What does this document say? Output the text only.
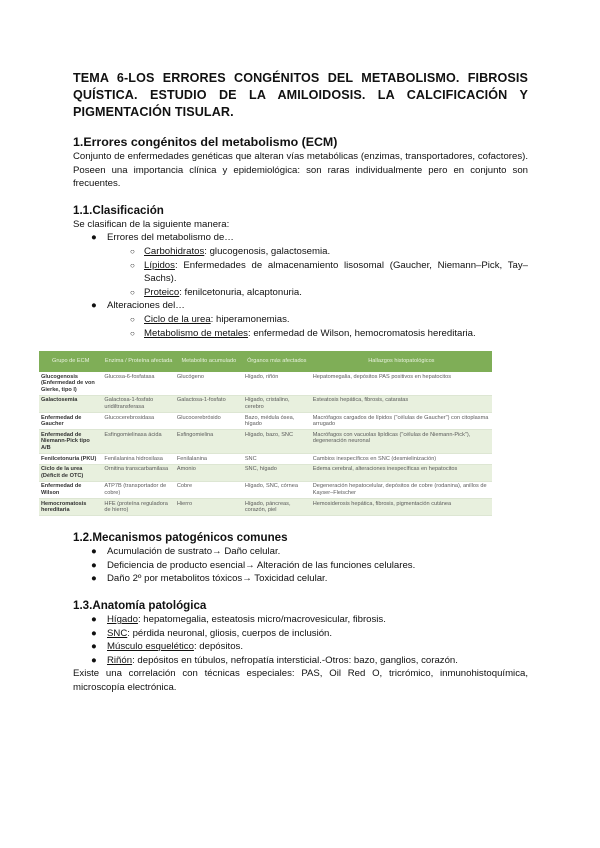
TEMA 6-LOS ERRORES CONGÉNITOS DEL METABOLISMO. FIBROSIS QUÍSTICA. ESTUDIO DE LA AMILOIDOSIS. LA CALCIFICACIÓN Y PIGMENTACIÓN TISULAR.
1.Errores congénitos del metabolismo (ECM)
Conjunto de enfermedades genéticas que alteran vías metabólicas (enzimas, transportadores, cofactores). Poseen una importancia clínica y epidemiológica: son raras individualmente pero en conjunto son frecuentes.
1.1.Clasificación
Se clasifican de la siguiente manera:
● Errores del metabolismo de…
○ Carbohidratos: glucogenosis, galactosemia.
○ Lípidos: Enfermedades de almacenamiento lisosomal (Gaucher, Niemann–Pick, Tay–Sachs).
○ Proteico: fenilcetonuria, alcaptonuria.
● Alteraciones del…
○ Ciclo de la urea: hiperamonemias.
○ Metabolismo de metales: enfermedad de Wilson, hemocromatosis hereditaria.
Grupo de ECM	Enzima / Proteína afectada	Metabolito acumulado	Órganos más afectados	Hallazgos histopatológicos
Glucogenosis (Enfermedad de von Gierke, tipo I)	Glucosa-6-fosfatasa	Glucógeno	Hígado, riñón	Hepatomegalia, depósitos PAS positivos en hepatocitos
Galactosemia	Galactosa-1-fosfato uridiltransferasa	Galactosa-1-fosfato	Hígado, cristalino, cerebro	Esteatosis hepática, fibrosis, cataratas
Enfermedad de Gaucher	Glucocerebrosidasa	Glucocerebrósido	Bazo, médula ósea, hígado	Macrófagos cargados de lípidos ("células de Gaucher") con citoplasma arrugado
Enfermedad de Niemann-Pick tipo A/B	Esfingomielinasa ácida	Esfingomielina	Hígado, bazo, SNC	Macrófagos con vacuolas lipídicas ("células de Niemann-Pick"), degeneración neuronal
Fenilcetonuria (PKU)	Fenilalanina hidroxilasa	Fenilalanina	SNC	Cambios inespecíficos en SNC (desmielinización)
Ciclo de la urea (Déficit de OTC)	Ornitina transcarbamilasa	Amonio	SNC, hígado	Edema cerebral, alteraciones inespecíficas en hepatocitos
Enfermedad de Wilson	ATP7B (transportador de cobre)	Cobre	Hígado, SNC, córnea	Degeneración hepatocelular, depósitos de cobre (rodanina), anillos de Kayser–Fleischer
Hemocromatosis hereditaria	HFE (proteína reguladora de hierro)	Hierro	Hígado, páncreas, corazón, piel	Hemosiderosis hepática, fibrosis, pigmentación cutánea
1.2.Mecanismos patogénicos comunes
● Acumulación de sustrato→ Daño celular.
● Deficiencia de producto esencial→ Alteración de las funciones celulares.
● Daño 2º por metabolitos tóxicos→ Toxicidad celular.
1.3.Anatomía patológica
● Hígado: hepatomegalia, esteatosis micro/macrovesicular, fibrosis.
● SNC: pérdida neuronal, gliosis, cuerpos de inclusión.
● Músculo esquelético: depósitos.
● Riñón: depósitos en túbulos, nefropatía intersticial.-Otros: bazo, ganglios, corazón.
Existe una correlación con técnicas especiales: PAS, Oil Red O, tricrómico, inmunohistoquímica, microscopía electrónica.
